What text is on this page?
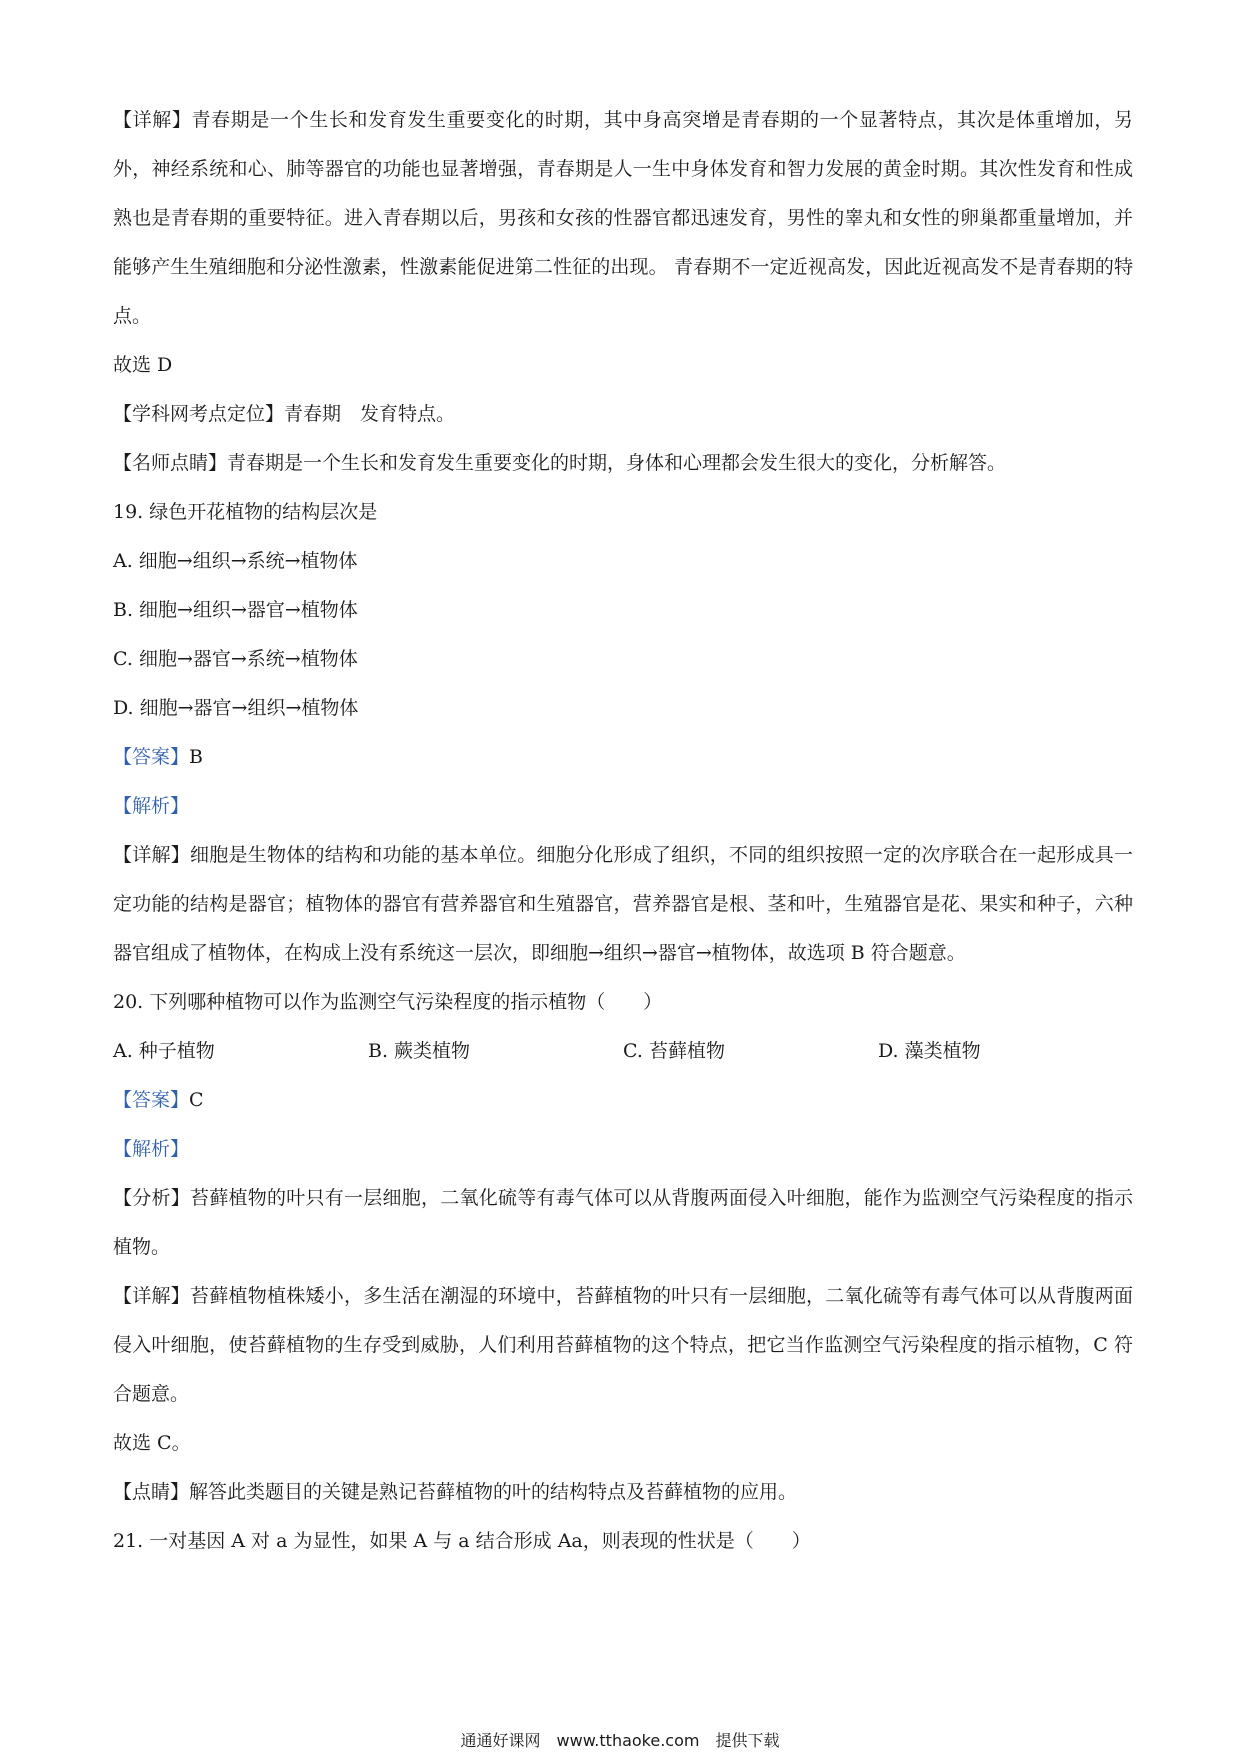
【详解】青春期是一个生长和发育发生重要变化的时期，其中身高突增是青春期的一个显著特点，其次是体重增加，另外，神经系统和心、肺等器官的功能也显著增强，青春期是人一生中身体发育和智力发展的黄金时期。其次性发育和性成熟也是青春期的重要特征。进入青春期以后，男孩和女孩的性器官都迅速发育，男性的睾丸和女性的卵巢都重量增加，并能够产生生殖细胞和分泌性激素，性激素能促进第二性征的出现。 青春期不一定近视高发，因此近视高发不是青春期的特点。

故选 D

【学科网考点定位】青春期　发育特点。

【名师点睛】青春期是一个生长和发育发生重要变化的时期，身体和心理都会发生很大的变化，分析解答。

19. 绿色开花植物的结构层次是

A. 细胞→组织→系统→植物体

B. 细胞→组织→器官→植物体

C. 细胞→器官→系统→植物体

D. 细胞→器官→组织→植物体

【答案】B

【解析】

【详解】细胞是生物体的结构和功能的基本单位。细胞分化形成了组织，不同的组织按照一定的次序联合在一起形成具一定功能的结构是器官；植物体的器官有营养器官和生殖器官，营养器官是根、茎和叶，生殖器官是花、果实和种子，六种器官组成了植物体，在构成上没有系统这一层次，即细胞→组织→器官→植物体，故选项 B 符合题意。

20. 下列哪种植物可以作为监测空气污染程度的指示植物（　　）

A. 种子植物	B. 蕨类植物	C. 苔藓植物	D. 藻类植物

【答案】C

【解析】

【分析】苔藓植物的叶只有一层细胞，二氧化硫等有毒气体可以从背腹两面侵入叶细胞，能作为监测空气污染程度的指示植物。

【详解】苔藓植物植株矮小，多生活在潮湿的环境中，苔藓植物的叶只有一层细胞，二氧化硫等有毒气体可以从背腹两面侵入叶细胞，使苔藓植物的生存受到威胁，人们利用苔藓植物的这个特点，把它当作监测空气污染程度的指示植物，C 符合题意。

故选 C。

【点睛】解答此类题目的关键是熟记苔藓植物的叶的结构特点及苔藓植物的应用。

21. 一对基因 A 对 a 为显性，如果 A 与 a 结合形成 Aa，则表现的性状是（　　）

通通好课网　www.tthaoke.com　提供下载
